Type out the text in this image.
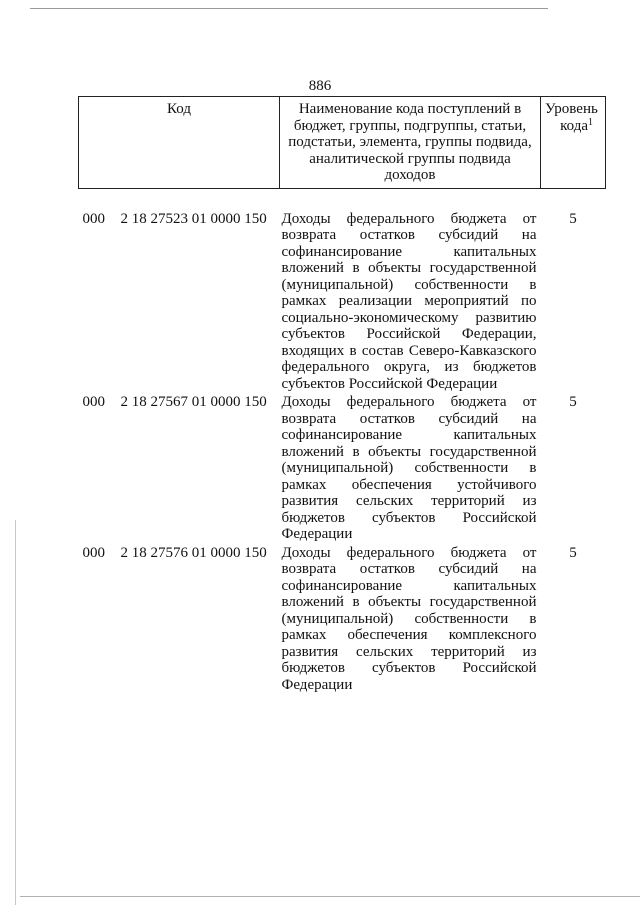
886
Код	Наименование кода поступлений в бюджет, группы, подгруппы, статьи, подстатьи, элемента, группы подвида, аналитической группы подвида доходов	Уровень кода$^1$

000 2 18 27523 01 0000 150	Доходы федерального бюджета от возврата остатков субсидий на софинансирование капитальных вложений в объекты государственной (муниципальной) собственности в рамках реализации мероприятий по социально-экономическому развитию субъектов Российской Федерации, входящих в состав Северо-Кавказского федерального округа, из бюджетов субъектов Российской Федерации	5
000 2 18 27567 01 0000 150	Доходы федерального бюджета от возврата остатков субсидий на софинансирование капитальных вложений в объекты государственной (муниципальной) собственности в рамках обеспечения устойчивого развития сельских территорий из бюджетов субъектов Российской Федерации	5
000 2 18 27576 01 0000 150	Доходы федерального бюджета от возврата остатков субсидий на софинансирование капитальных вложений в объекты государственной (муниципальной) собственности в рамках обеспечения комплексного развития сельских территорий из бюджетов субъектов Российской Федерации	5
